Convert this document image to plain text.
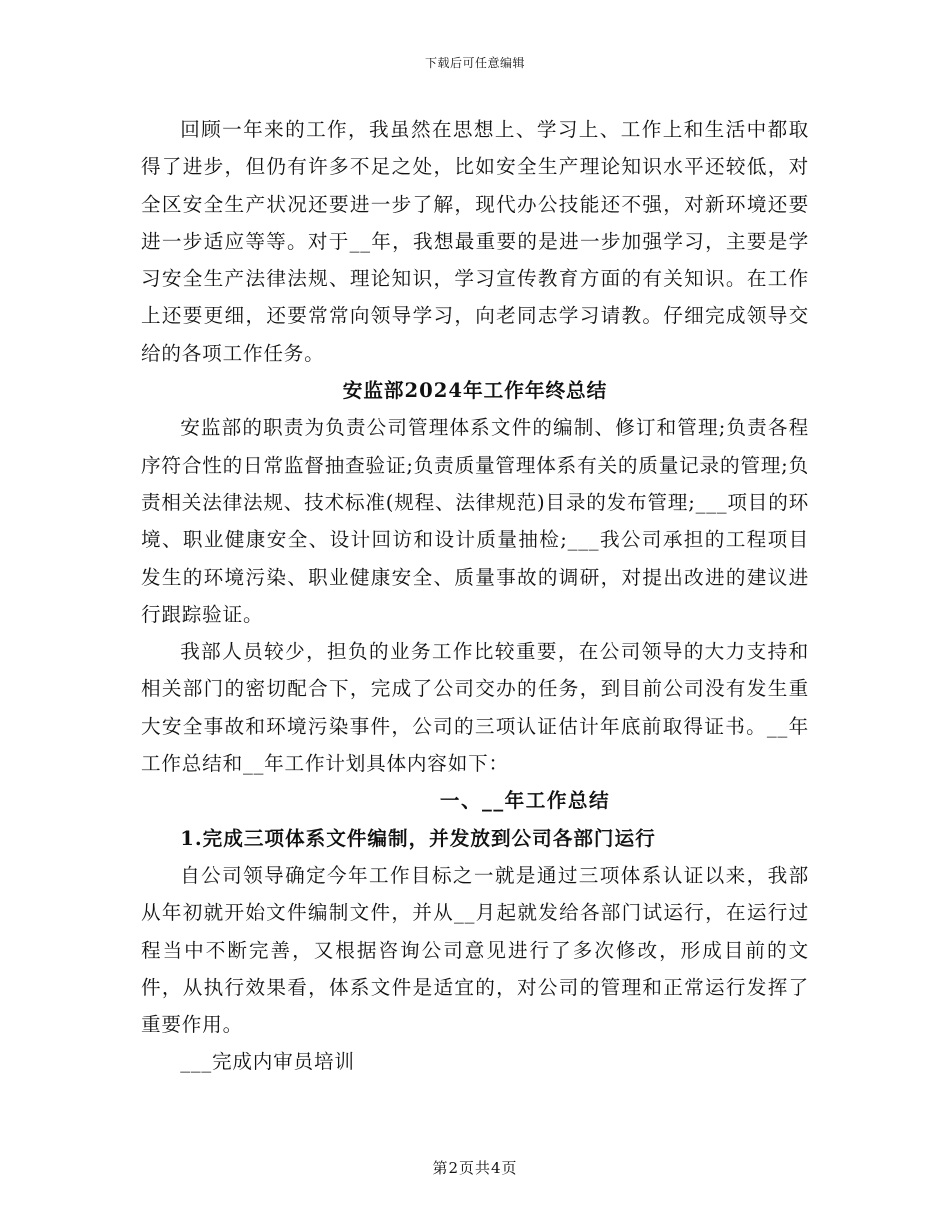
下载后可任意编辑

回顾一年来的工作，我虽然在思想上、学习上、工作上和生活中都取得了进步，但仍有许多不足之处，比如安全生产理论知识水平还较低，对全区安全生产状况还要进一步了解，现代办公技能还不强，对新环境还要进一步适应等等。对于__年，我想最重要的是进一步加强学习，主要是学习安全生产法律法规、理论知识，学习宣传教育方面的有关知识。在工作上还要更细，还要常常向领导学习，向老同志学习请教。仔细完成领导交给的各项工作任务。

安监部2024年工作年终总结

安监部的职责为负责公司管理体系文件的编制、修订和管理;负责各程序符合性的日常监督抽查验证;负责质量管理体系有关的质量记录的管理;负责相关法律法规、技术标准(规程、法律规范)目录的发布管理;___项目的环境、职业健康安全、设计回访和设计质量抽检;___我公司承担的工程项目发生的环境污染、职业健康安全、质量事故的调研，对提出改进的建议进行跟踪验证。

我部人员较少，担负的业务工作比较重要，在公司领导的大力支持和相关部门的密切配合下，完成了公司交办的任务，到目前公司没有发生重大安全事故和环境污染事件，公司的三项认证估计年底前取得证书。__年工作总结和__年工作计划具体内容如下：

一、__年工作总结

1.完成三项体系文件编制，并发放到公司各部门运行

自公司领导确定今年工作目标之一就是通过三项体系认证以来，我部从年初就开始文件编制文件，并从__月起就发给各部门试运行，在运行过程当中不断完善，又根据咨询公司意见进行了多次修改，形成目前的文件，从执行效果看，体系文件是适宜的，对公司的管理和正常运行发挥了重要作用。

___完成内审员培训

第2页共4页
